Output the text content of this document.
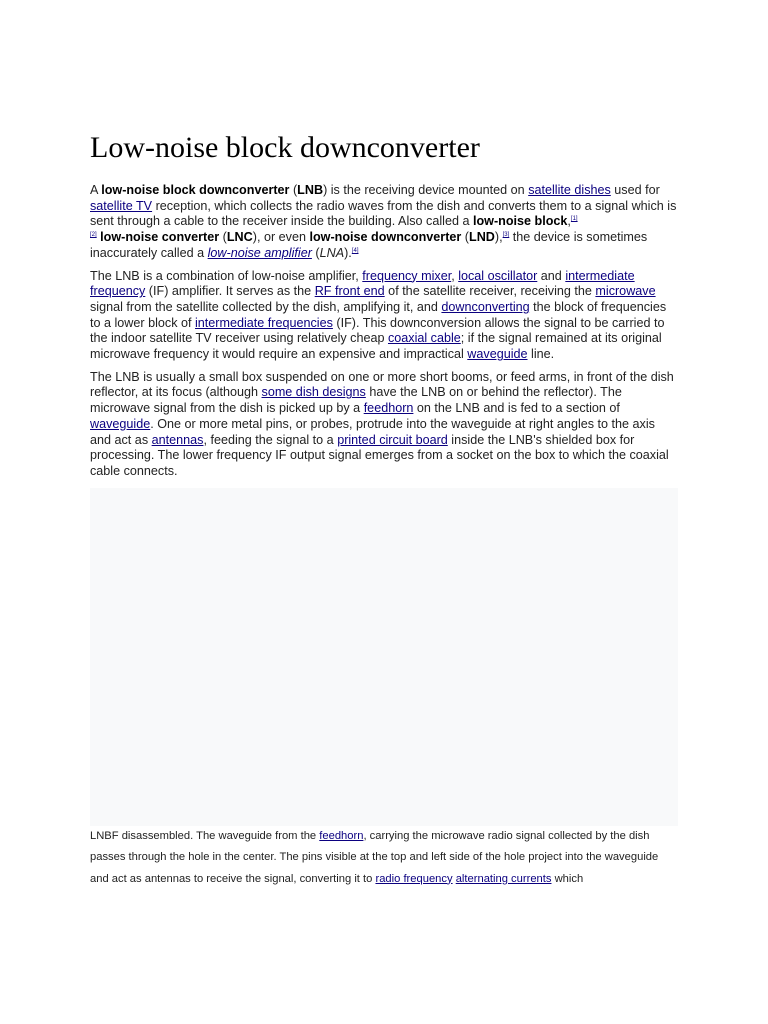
Low-noise block downconverter

A low-noise block downconverter (LNB) is the receiving device mounted on satellite dishes used for satellite TV reception, which collects the radio waves from the dish and converts them to a signal which is sent through a cable to the receiver inside the building. Also called a low-noise block,[1]
[2] low-noise converter (LNC), or even low-noise downconverter (LND),[3] the device is sometimes inaccurately called a low-noise amplifier (LNA).[4]

The LNB is a combination of low-noise amplifier, frequency mixer, local oscillator and intermediate frequency (IF) amplifier. It serves as the RF front end of the satellite receiver, receiving the microwave signal from the satellite collected by the dish, amplifying it, and downconverting the block of frequencies to a lower block of intermediate frequencies (IF). This downconversion allows the signal to be carried to the indoor satellite TV receiver using relatively cheap coaxial cable; if the signal remained at its original microwave frequency it would require an expensive and impractical waveguide line.

The LNB is usually a small box suspended on one or more short booms, or feed arms, in front of the dish reflector, at its focus (although some dish designs have the LNB on or behind the reflector). The microwave signal from the dish is picked up by a feedhorn on the LNB and is fed to a section of waveguide. One or more metal pins, or probes, protrude into the waveguide at right angles to the axis and act as antennas, feeding the signal to a printed circuit board inside the LNB's shielded box for processing. The lower frequency IF output signal emerges from a socket on the box to which the coaxial cable connects.

LNBF disassembled. The waveguide from the feedhorn, carrying the microwave radio signal collected by the dish passes through the hole in the center. The pins visible at the top and left side of the hole project into the waveguide and act as antennas to receive the signal, converting it to radio frequency alternating currents which
